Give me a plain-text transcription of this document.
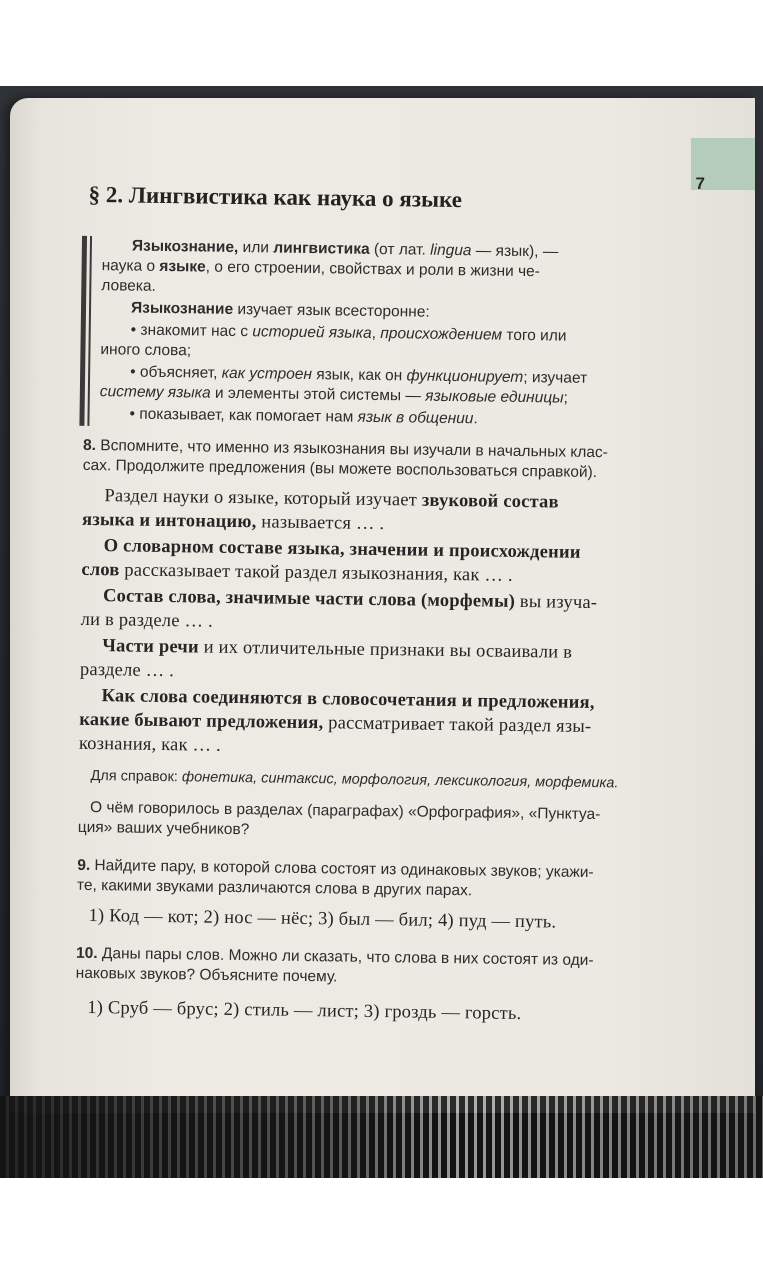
7
§ 2. Лингвистика как наука о языке

Языкознание, или лингвистика (от лат. lingua — язык), —

наука о языке, о его строении, свойствах и роли в жизни че-

ловека.

Языкознание изучает язык всесторонне:

• знакомит нас с историей языка, происхождением того или

иного слова;

• объясняет, как устроен язык, как он функционирует; изучает

систему языка и элементы этой системы — языковые единицы;

• показывает, как помогает нам язык в общении.

8. Вспомните, что именно из языкознания вы изучали в начальных клас-

сах. Продолжите предложения (вы можете воспользоваться справкой).

Раздел науки о языке, который изучает звуковой состав

языка и интонацию, называется … .

О словарном составе языка, значении и происхождении

слов рассказывает такой раздел языкознания, как … .

Состав слова, значимые части слова (морфемы) вы изуча-

ли в разделе … .

Части речи и их отличительные признаки вы осваивали в

разделе … .

Как слова соединяются в словосочетания и предложения,

какие бывают предложения, рассматривает такой раздел язы-

кознания, как … .

Для справок: фонетика, синтаксис, морфология, лексикология, морфемика.

О чём говорилось в разделах (параграфах) «Орфография», «Пунктуа-

ция» ваших учебников?

9. Найдите пару, в которой слова состоят из одинаковых звуков; укажи-

те, какими звуками различаются слова в других парах.

1) Код — кот; 2) нос — нёс; 3) был — бил; 4) пуд — путь.

10. Даны пары слов. Можно ли сказать, что слова в них состоят из оди-

наковых звуков? Объясните почему.

1) Сруб — брус; 2) стиль — лист; 3) гроздь — горсть.
